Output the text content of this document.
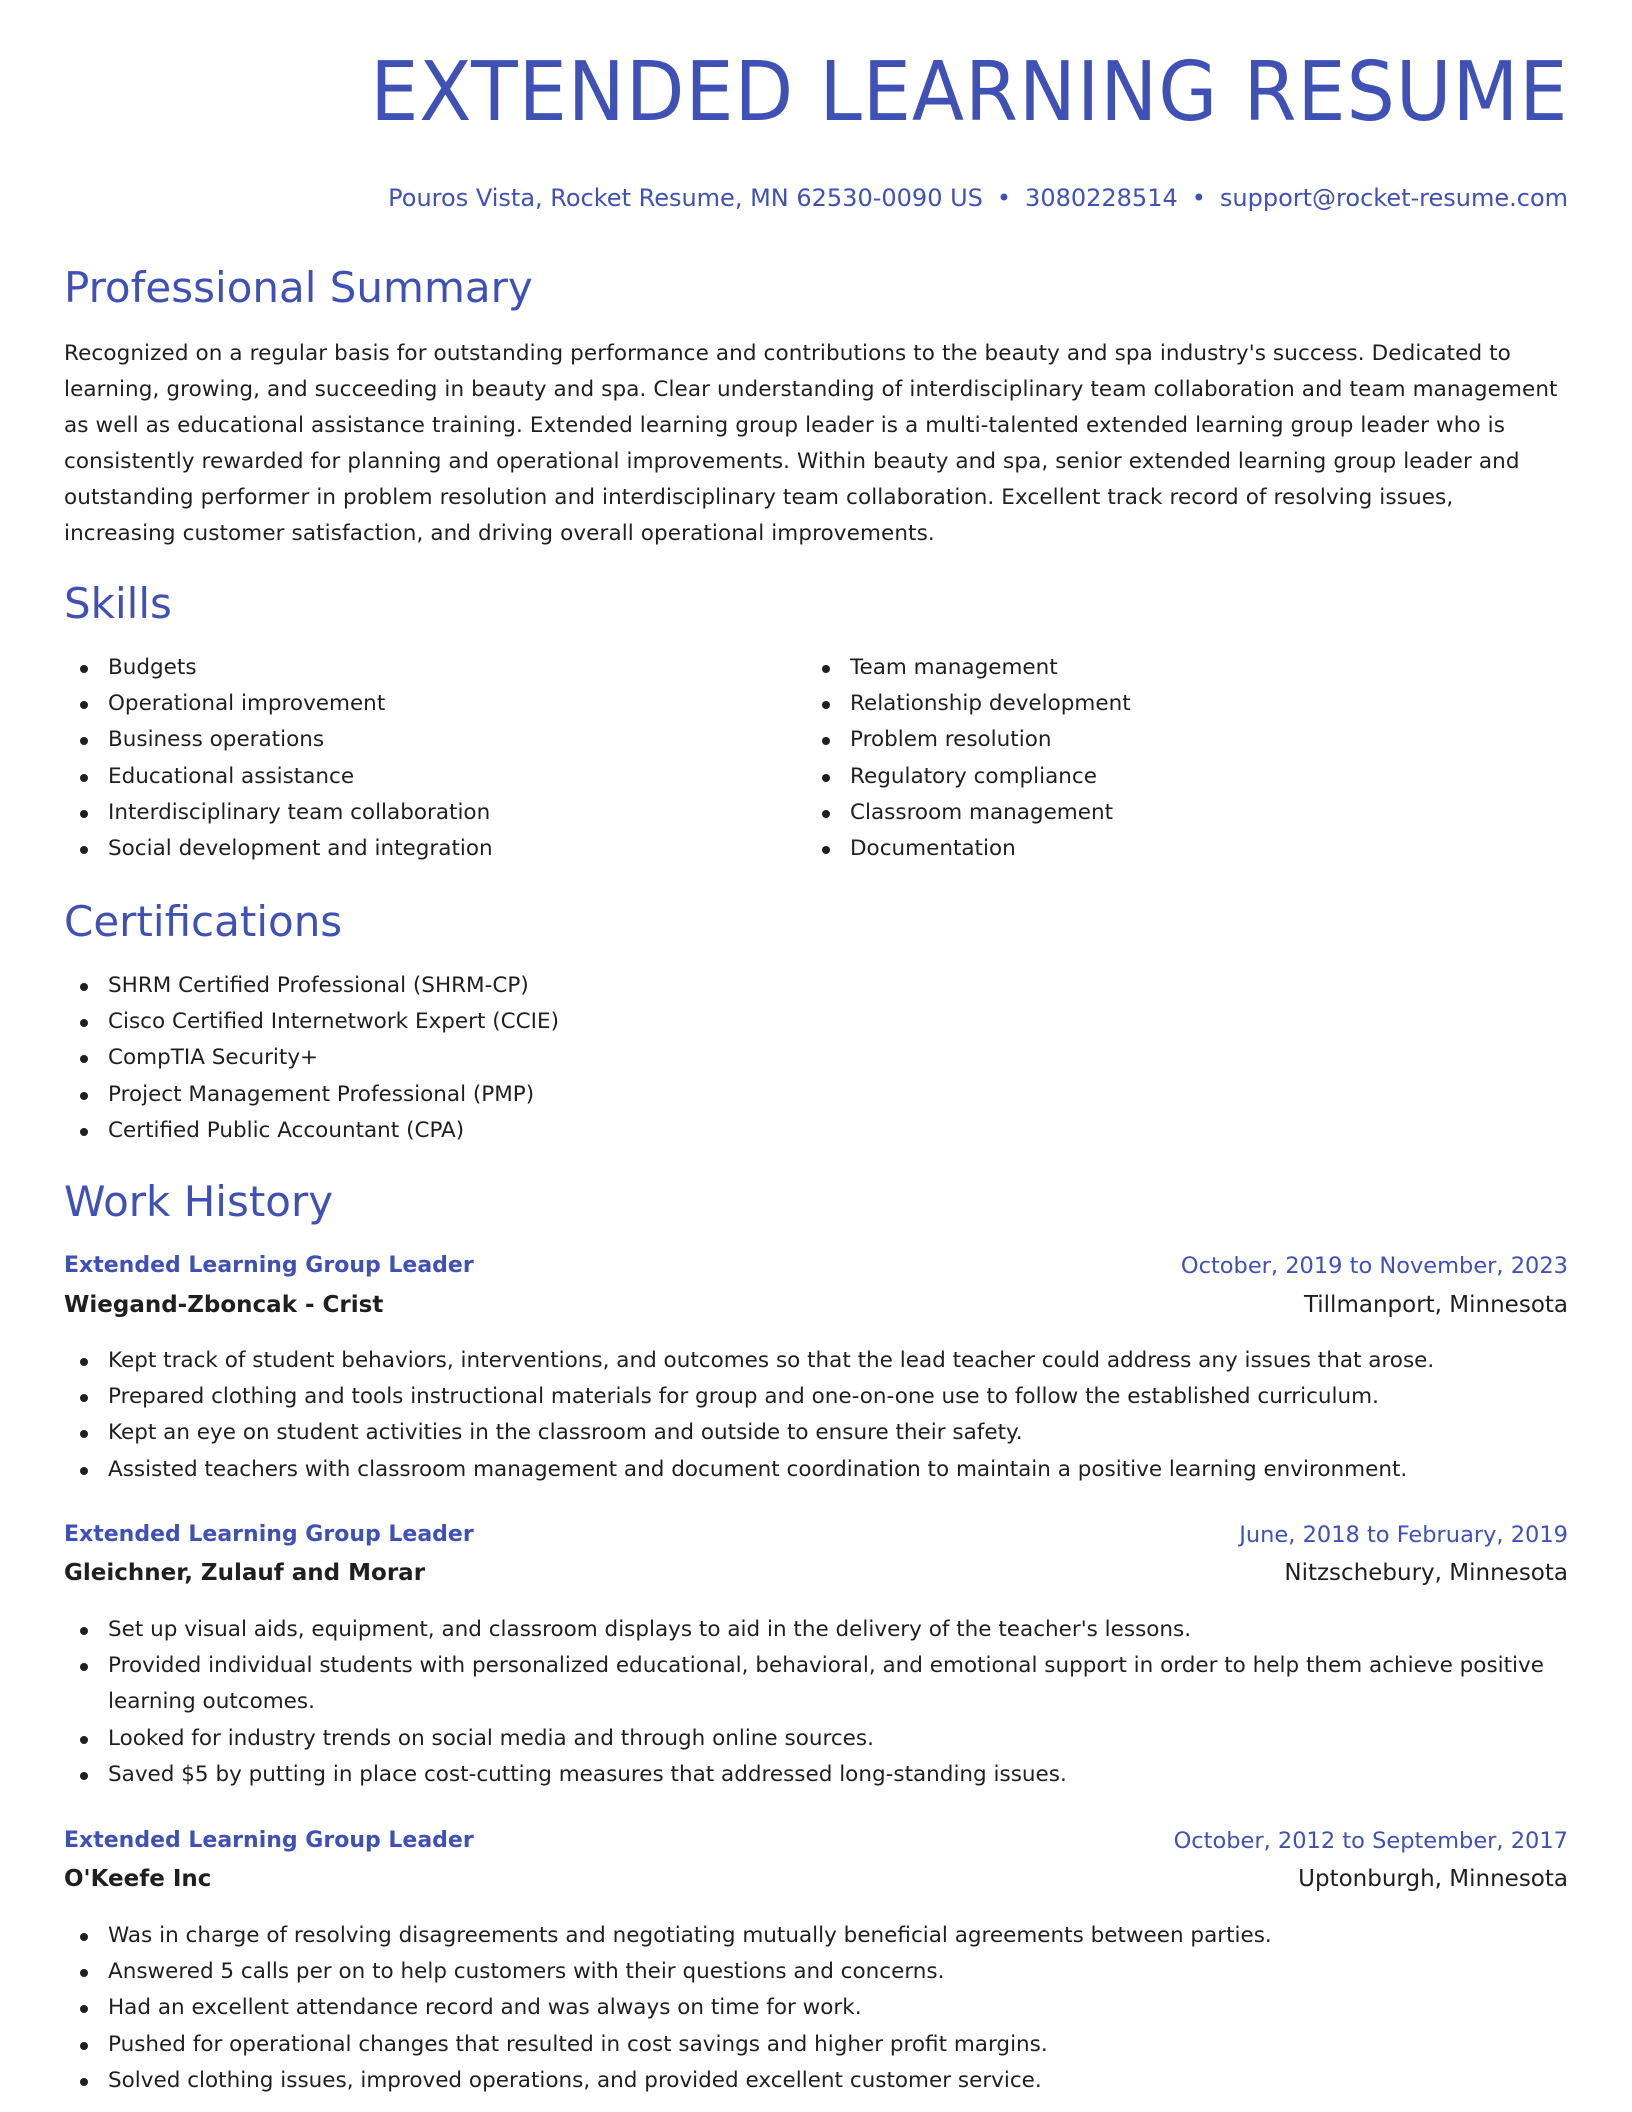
EXTENDED LEARNING RESUME
Pouros Vista, Rocket Resume, MN 62530-0090 US • 3080228514 • support@rocket-resume.com
Professional Summary

Recognized on a regular basis for outstanding performance and contributions to the beauty and spa industry's success. Dedicated to learning, growing, and succeeding in beauty and spa. Clear understanding of interdisciplinary team collaboration and team management as well as educational assistance training. Extended learning group leader is a multi-talented extended learning group leader who is consistently rewarded for planning and operational improvements. Within beauty and spa, senior extended learning group leader and outstanding performer in problem resolution and interdisciplinary team collaboration. Excellent track record of resolving issues, increasing customer satisfaction, and driving overall operational improvements.

Skills
Budgets
Operational improvement
Business operations
Educational assistance
Interdisciplinary team collaboration
Social development and integration
Team management
Relationship development
Problem resolution
Regulatory compliance
Classroom management
Documentation
Certifications
SHRM Certified Professional (SHRM-CP)
Cisco Certified Internetwork Expert (CCIE)
CompTIA Security+
Project Management Professional (PMP)
Certified Public Accountant (CPA)
Work History
Extended Learning Group Leader	October, 2019 to November, 2023
Wiegand-Zboncak - Crist	Tillmanport, Minnesota
Kept track of student behaviors, interventions, and outcomes so that the lead teacher could address any issues that arose.
Prepared clothing and tools instructional materials for group and one-on-one use to follow the established curriculum.
Kept an eye on student activities in the classroom and outside to ensure their safety.
Assisted teachers with classroom management and document coordination to maintain a positive learning environment.
Extended Learning Group Leader	June, 2018 to February, 2019
Gleichner, Zulauf and Morar	Nitzschebury, Minnesota
Set up visual aids, equipment, and classroom displays to aid in the delivery of the teacher's lessons.
Provided individual students with personalized educational, behavioral, and emotional support in order to help them achieve positive learning outcomes.
Looked for industry trends on social media and through online sources.
Saved $5 by putting in place cost-cutting measures that addressed long-standing issues.
Extended Learning Group Leader	October, 2012 to September, 2017
O'Keefe Inc	Uptonburgh, Minnesota
Was in charge of resolving disagreements and negotiating mutually beneficial agreements between parties.
Answered 5 calls per on to help customers with their questions and concerns.
Had an excellent attendance record and was always on time for work.
Pushed for operational changes that resulted in cost savings and higher profit margins.
Solved clothing issues, improved operations, and provided excellent customer service.
